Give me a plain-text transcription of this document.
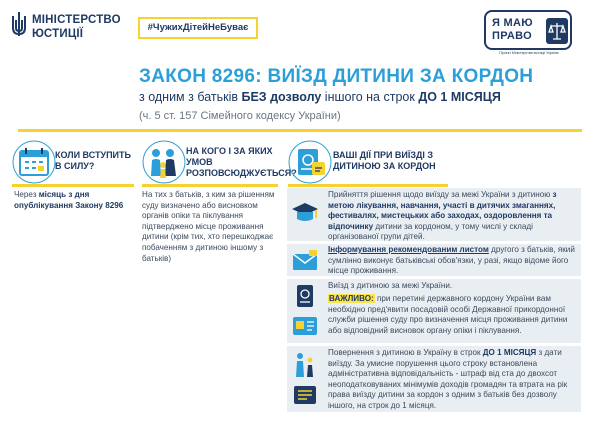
МІНІСТЕРСТВО
ЮСТИЦІЇ
#ЧужихДітейНеБуває	Я МАЮ
ПРАВО
Проект Міністерства юстиції України
ЗАКОН 8296: ВИЇЗД ДИТИНИ ЗА КОРДОН
з одним з батьків БЕЗ дозволу іншого на строк ДО 1 МІСЯЦЯ
(ч. 5 ст. 157 Сімейного кодексу України)
КОЛИ ВСТУПИТЬ В СИЛУ?
Через місяць з дня опублікування Закону 8296
НА КОГО І ЗА ЯКИХ УМОВ РОЗПОВСЮДЖУЄТЬСЯ?
На тих з батьків, з ким за рішенням суду визначено або висновком органів опіки та піклування підтверджено місце проживання дитини (крім тих, хто перешкоджає побаченням з дитиною іншому з батьків)
ВАШІ ДІЇ ПРИ ВИЇЗДІ З ДИТИНОЮ ЗА КОРДОН
Прийняття рішення щодо виїзду за межі України з дитиною з метою лікування, навчання, участі в дитячих змаганнях, фестивалях, мистецьких або заходах, оздоровлення та відпочинку дитини за кордоном, у тому числі у складі організованої групи дітей.
Інформування рекомендованим листом другого з батьків, який сумлінно виконує батьківські обов'язки, у разі, якщо відоме його місце проживання.
Виїзд з дитиною за межі України.
ВАЖЛИВО: при перетині державного кордону України вам необхідно пред'явити посадовій особі Державної прикордонної служби рішення суду про визначення місця проживання дитини або відповідний висновок органу опіки і піклування.
Повернення з дитиною в Україну в строк ДО 1 МІСЯЦЯ з дати виїзду. За умисне порушення цього строку встановлена адміністративна відповідальність - штраф від ста до двохсот неоподатковуваних мінімумів доходів громадян та втрата на рік права виїзду дитини за кордон з одним з батьків без дозволу іншого, на строк до 1 місяця.
